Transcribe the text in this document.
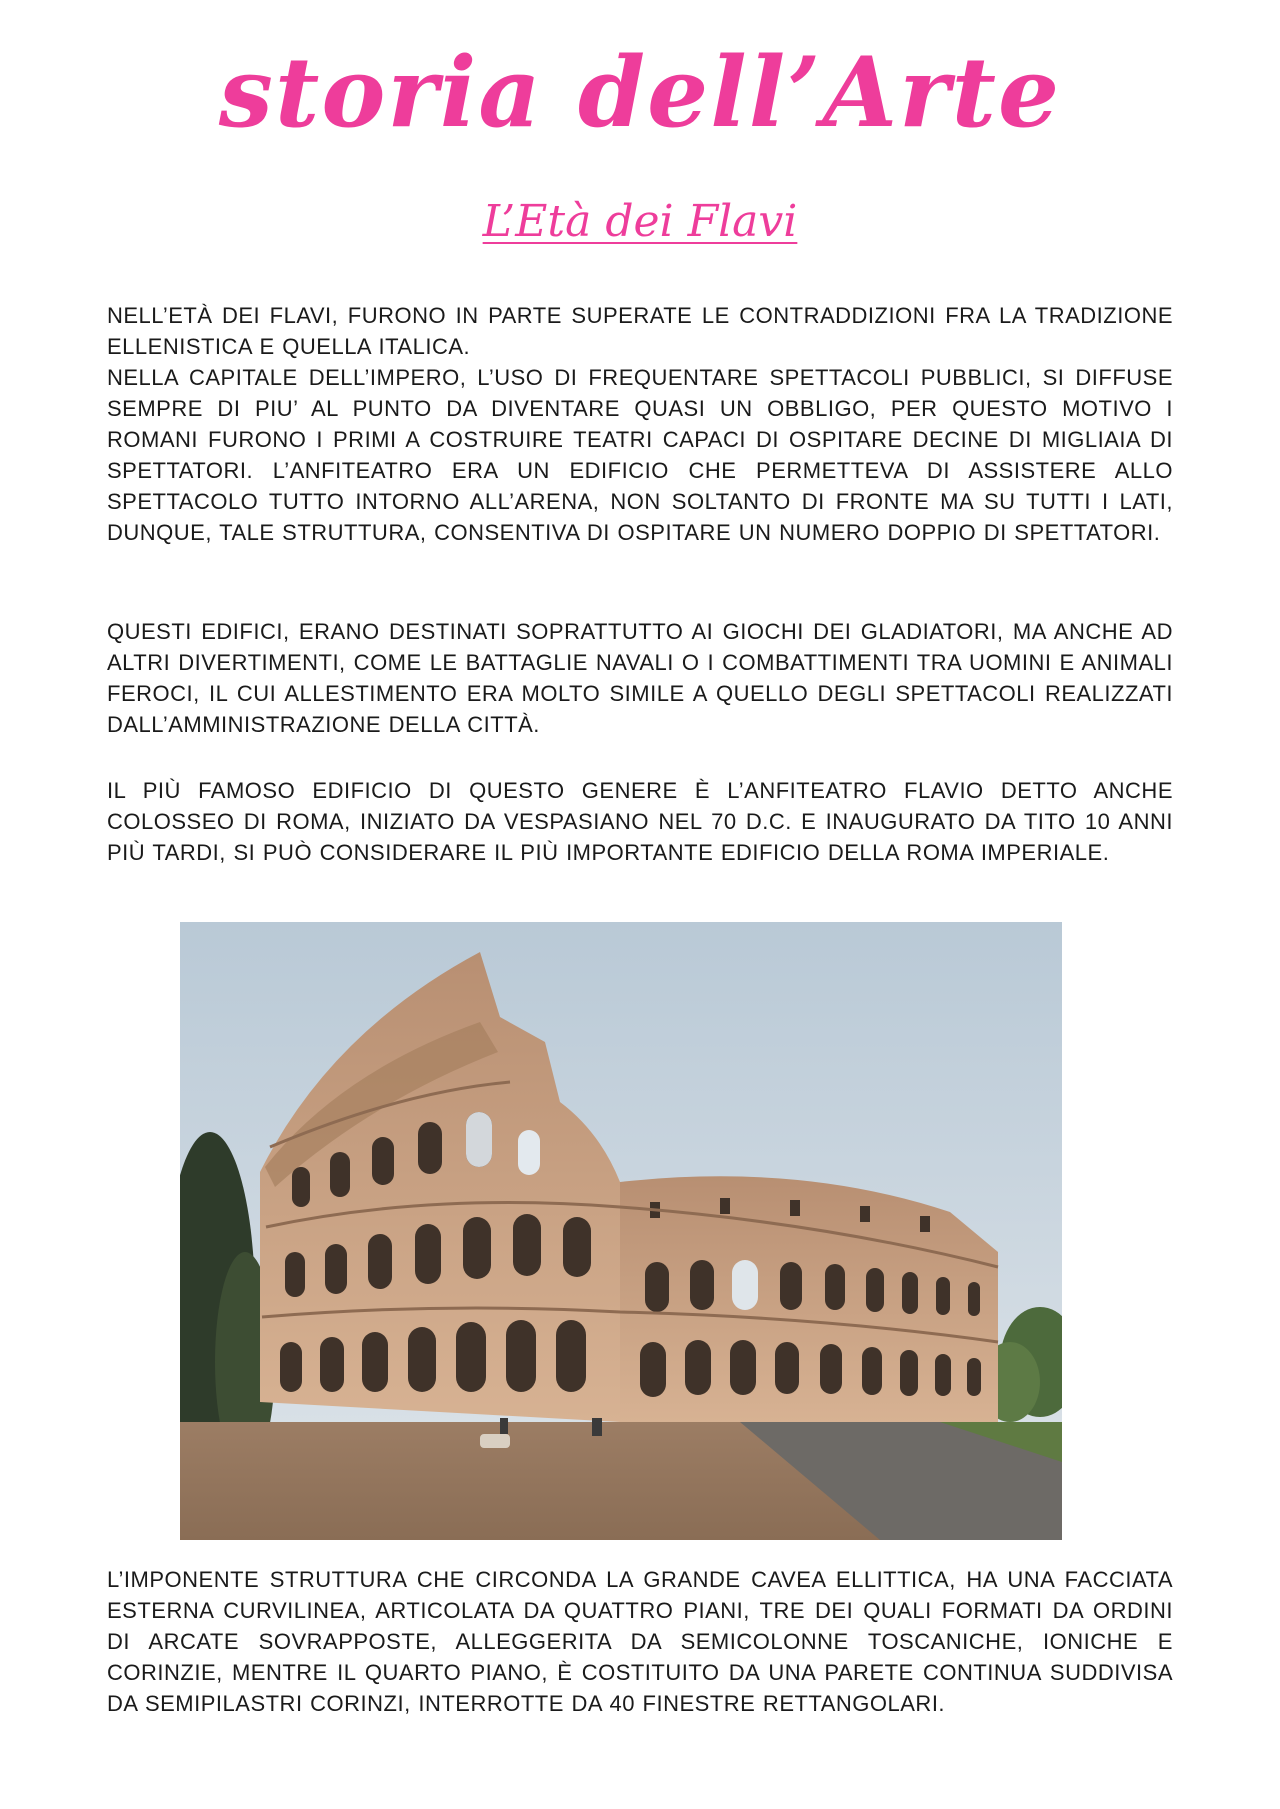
storia dell’Arte
L’Età dei Flavi
NELL’ETÀ DEI FLAVI, FURONO IN PARTE SUPERATE LE CONTRADDIZIONI FRA LA TRADIZIONE ELLENISTICA E QUELLA ITALICA.
NELLA CAPITALE DELL’IMPERO, L’USO DI FREQUENTARE SPETTACOLI PUBBLICI, SI DIFFUSE SEMPRE DI PIU’ AL PUNTO DA DIVENTARE QUASI UN OBBLIGO, PER QUESTO MOTIVO I ROMANI FURONO I PRIMI A COSTRUIRE TEATRI CAPACI DI OSPITARE DECINE DI MIGLIAIA DI SPETTATORI. L’ANFITEATRO ERA UN EDIFICIO CHE PERMETTEVA DI ASSISTERE ALLO SPETTACOLO TUTTO INTORNO ALL’ARENA, NON SOLTANTO DI FRONTE MA SU TUTTI I LATI, DUNQUE, TALE STRUTTURA, CONSENTIVA DI OSPITARE UN NUMERO DOPPIO DI SPETTATORI.

QUESTI EDIFICI, ERANO DESTINATI SOPRATTUTTO AI GIOCHI DEI GLADIATORI, MA ANCHE AD ALTRI DIVERTIMENTI, COME LE BATTAGLIE NAVALI O I COMBATTIMENTI TRA UOMINI E ANIMALI FEROCI, IL CUI ALLESTIMENTO ERA MOLTO SIMILE A QUELLO DEGLI SPETTACOLI REALIZZATI DALL’AMMINISTRAZIONE DELLA CITTÀ.

IL PIÙ FAMOSO EDIFICIO DI QUESTO GENERE È L’ANFITEATRO FLAVIO DETTO ANCHE COLOSSEO DI ROMA, INIZIATO DA VESPASIANO NEL 70 D.C. E INAUGURATO DA TITO 10 ANNI PIÙ TARDI, SI PUÒ CONSIDERARE IL PIÙ IMPORTANTE EDIFICIO DELLA ROMA IMPERIALE.

L’IMPONENTE STRUTTURA CHE CIRCONDA LA GRANDE CAVEA ELLITTICA, HA UNA FACCIATA ESTERNA CURVILINEA, ARTICOLATA DA QUATTRO PIANI, TRE DEI QUALI FORMATI DA ORDINI DI ARCATE SOVRAPPOSTE, ALLEGGERITA DA SEMICOLONNE TOSCANICHE, IONICHE E CORINZIE, MENTRE IL QUARTO PIANO, È COSTITUITO DA UNA PARETE CONTINUA SUDDIVISA DA SEMIPILASTRI CORINZI, INTERROTTE DA 40 FINESTRE RETTANGOLARI.
